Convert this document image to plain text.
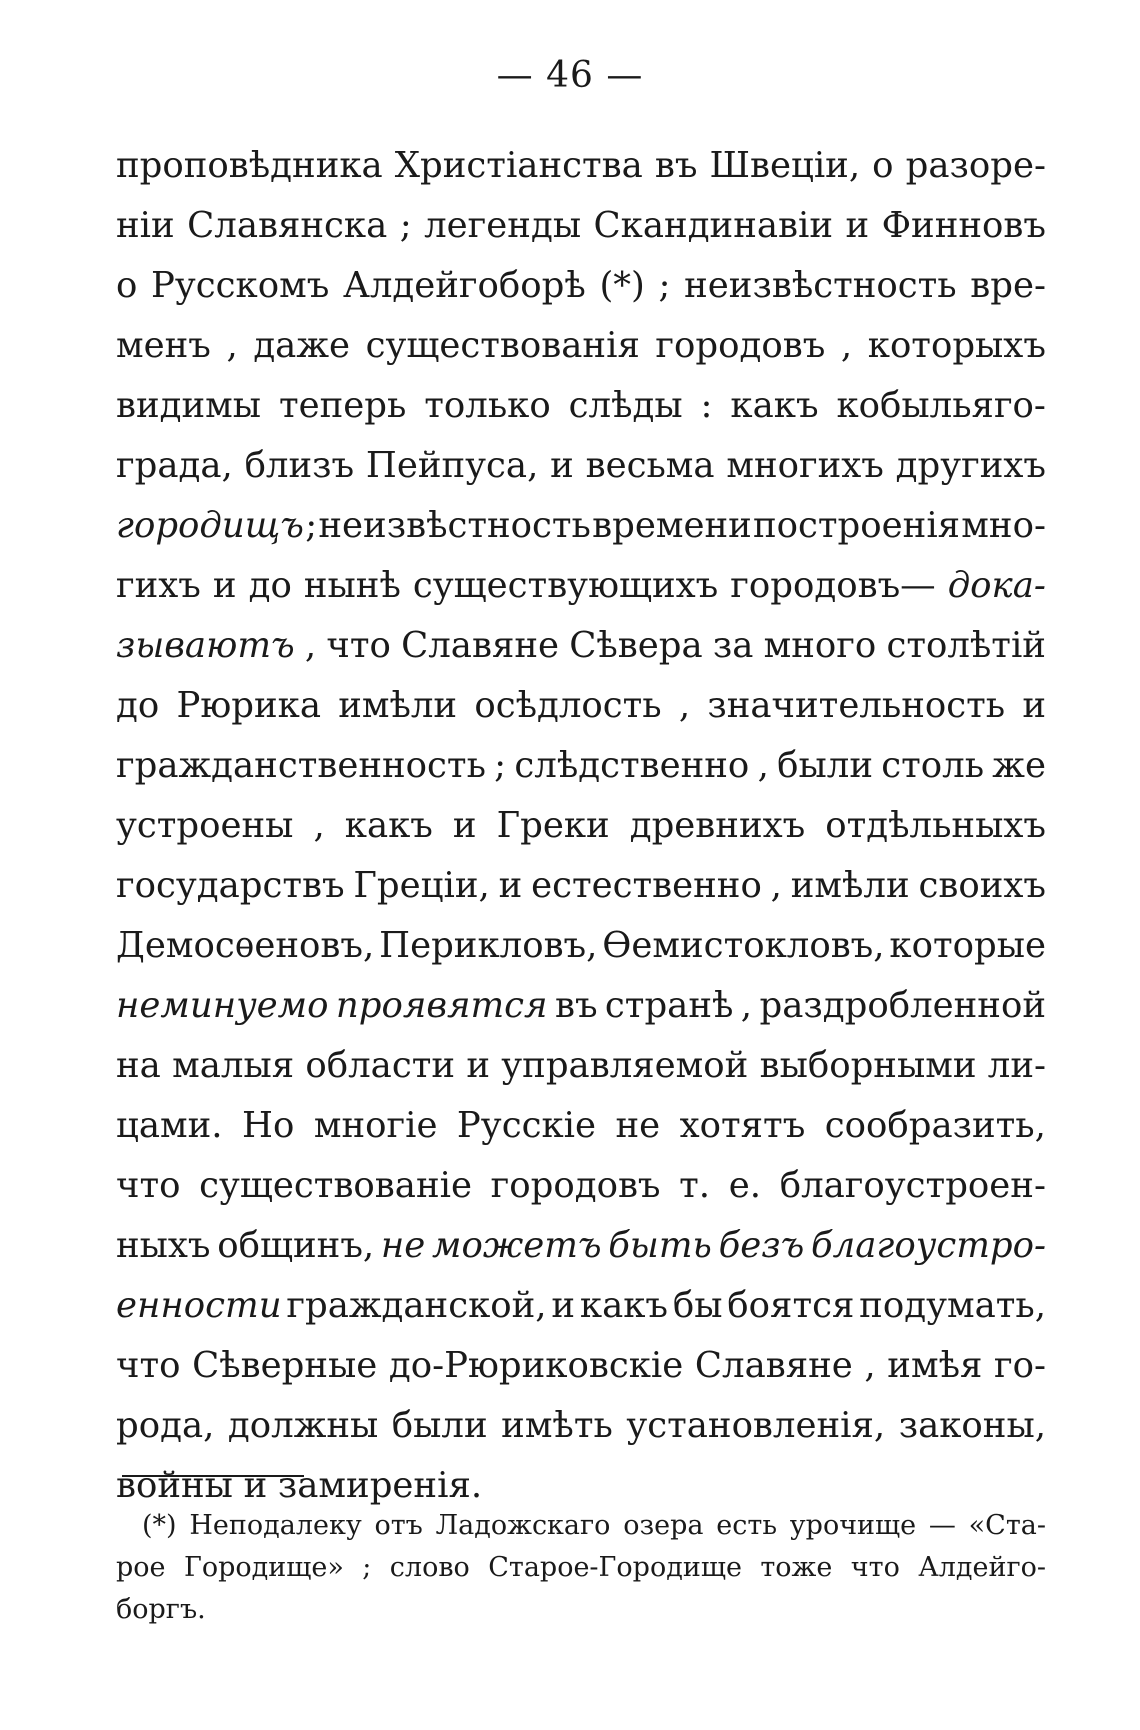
— 46 —
проповѣдника Христіанства въ Швеціи, о разоре-
ніи Славянска ; легенды Скандинавіи и Финновъ
о Русскомъ Алдейгоборѣ (*) ; неизвѣстность вре-
менъ , даже существованія городовъ , которыхъ
видимы теперь только слѣды : какъ кобыльяго-
града, близъ Пейпуса, и весьма многихъ другихъ
городищъ ; неизвѣстность времени построенія мно-
гихъ и до нынѣ существующихъ городовъ— дока-
зываютъ , что Славяне Сѣвера за много столѣтій
до Рюрика имѣли осѣдлость , значительность и
гражданственность ; слѣдственно , были столь же
устроены , какъ и Греки древнихъ отдѣльныхъ
государствъ Греціи, и естественно , имѣли своихъ
Демосѳеновъ, Перикловъ, Ѳемистокловъ, которые
неминуемо проявятся въ странѣ , раздробленной
на малыя области и управляемой выборными ли-
цами. Но многіе Русскіе не хотятъ сообразить,
что существованіе городовъ т. е. благоустроен-
ныхъ общинъ, не можетъ быть безъ благоустро-
енности гражданской, и какъ бы боятся подумать,
что Сѣверные до-Рюриковскіе Славяне , имѣя го-
рода, должны были имѣть установленія, законы,
войны и замиренія.
(*) Неподалеку отъ Ладожскаго озера есть урочище — «Ста-
рое Городище» ; слово Старое-Городище тоже что Алдейго-
боргъ.
